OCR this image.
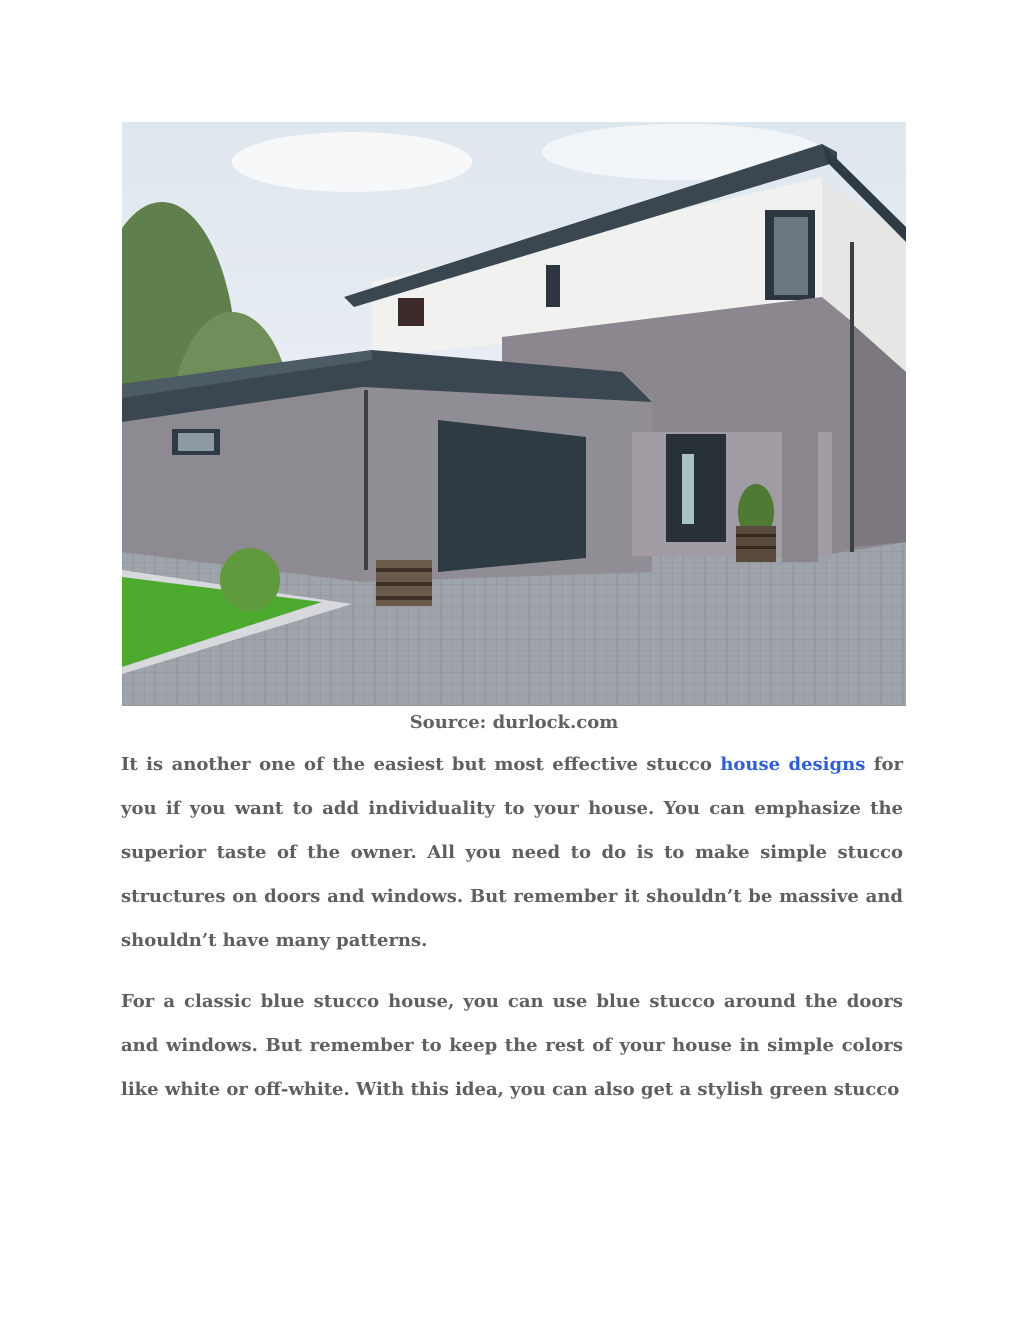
Source: durlock.com

It is another one of the easiest but most effective stucco house designs for you if you want to add individuality to your house. You can emphasize the superior taste of the owner. All you need to do is to make simple stucco structures on doors and windows. But remember it shouldn’t be massive and shouldn’t have many patterns.

For a classic blue stucco house, you can use blue stucco around the doors and windows. But remember to keep the rest of your house in simple colors like white or off-white. With this idea, you can also get a stylish green stucco
